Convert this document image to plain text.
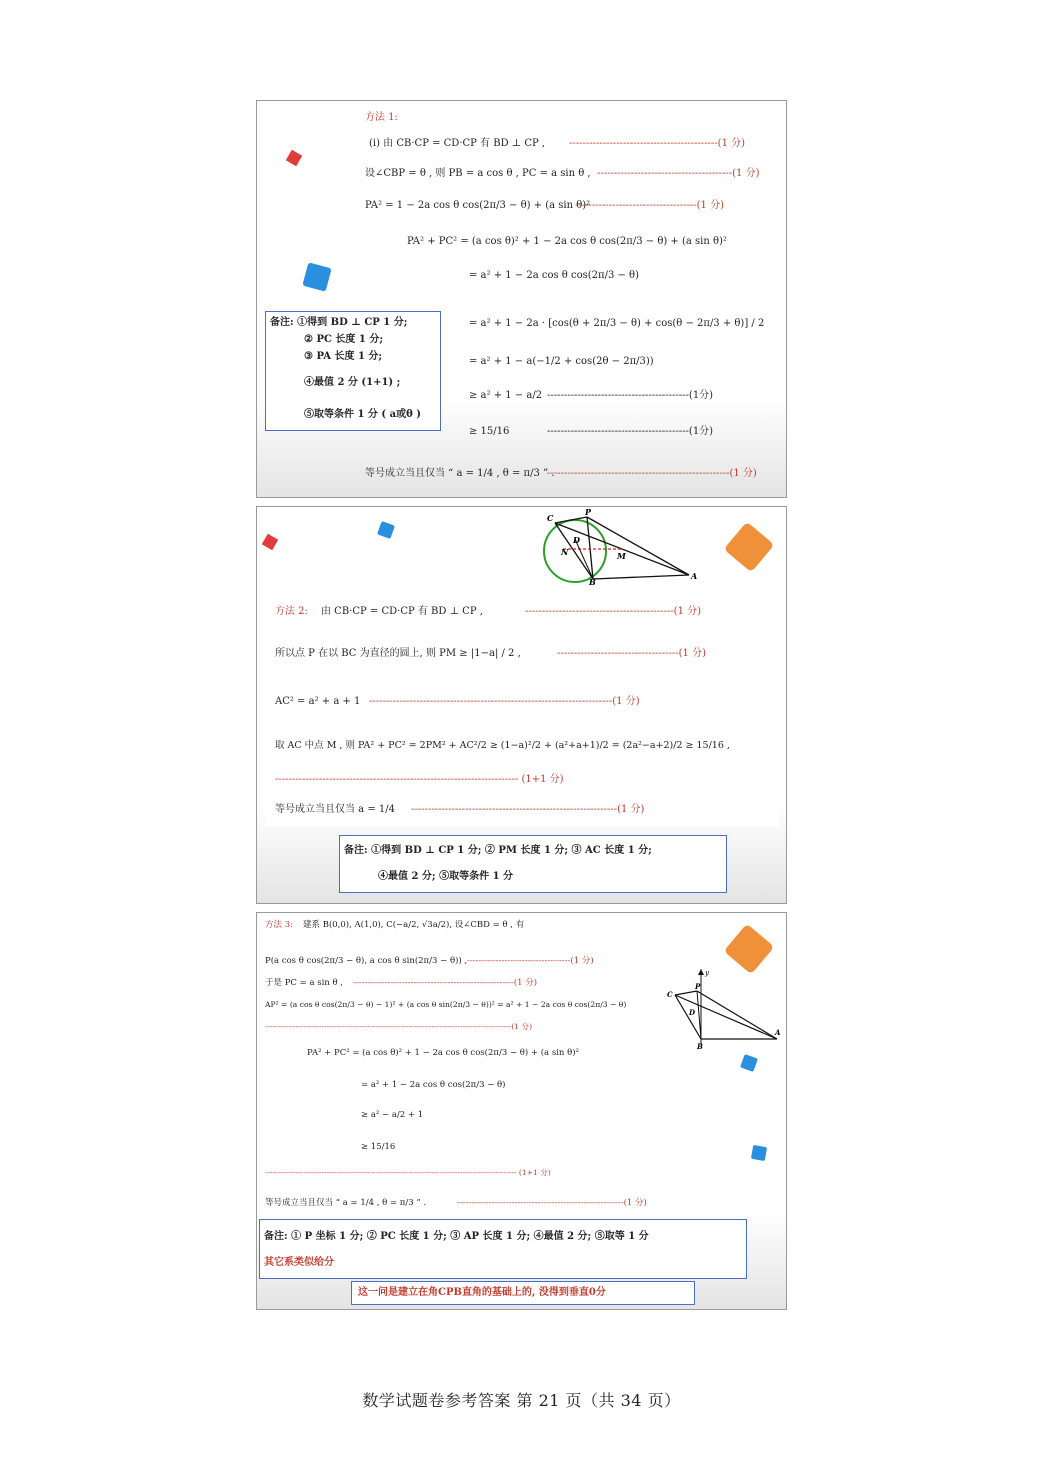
方法 1:
(i) 由 CB·CP = CD·CP 有 BD ⊥ CP , --------------------------------------------(1 分)
设∠CBP = θ , 则 PB = a cos θ , PC = a sin θ , ----------------------------------------(1 分)
PA² = 1 − 2a cos θ cos(2π/3 − θ) + (a sin θ)²
------------------------------------(1 分)
PA² + PC² = (a cos θ)² + 1 − 2a cos θ cos(2π/3 − θ) + (a sin θ)²
= a² + 1 − 2a cos θ cos(2π/3 − θ)
= a² + 1 − 2a · [cos(θ + 2π/3 − θ) + cos(θ − 2π/3 + θ)] / 2
= a² + 1 − a(−1/2 + cos(2θ − 2π/3))
≥ a² + 1 − a/2 ------------------------------------------(1分)
≥ 15/16	------------------------------------------(1分)
等号成立当且仅当 “ a = 1/4 , θ = π/3 ” .
------------------------------------------------------(1 分)
备注: ①得到 BD ⊥ CP 1 分;
② PC 长度 1 分;
③ PA 长度 1 分;
④最值 2 分 (1+1) ;
⑤取等条件 1 分 ( a或θ )
C
P
D
N	M
B
A
方法 2: 由 CB·CP = CD·CP 有 BD ⊥ CP ,	--------------------------------------------(1 分)
所以点 P 在以 BC 为直径的圆上, 则 PM ≥ |1−a| / 2 ,	------------------------------------(1 分)
AC² = a² + a + 1 ------------------------------------------------------------------------(1 分)
取 AC 中点 M , 则 PA² + PC² = 2PM² + AC²/2 ≥ (1−a)²/2 + (a²+a+1)/2 = (2a²−a+2)/2 ≥ 15/16 ,
------------------------------------------------------------------------ (1+1 分)
等号成立当且仅当 a = 1/4 -------------------------------------------------------------(1 分)
备注: ①得到 BD ⊥ CP 1 分; ② PM 长度 1 分; ③ AC 长度 1 分;
④最值 2 分; ⑤取等条件 1 分
y
P
C
D
B
A
方法 3: 建系 B(0,0), A(1,0), C(−a/2, √3a/2), 设∠CBD = θ , 有
P(a cos θ cos(2π/3 − θ), a cos θ sin(2π/3 − θ)) , ------------------------------------(1 分)
于是 PC = a sin θ , --------------------------------------------------------(1 分)
AP² = (a cos θ cos(2π/3 − θ) − 1)² + (a cos θ sin(2π/3 − θ))² = a² + 1 − 2a cos θ cos(2π/3 − θ)
------------------------------------------------------------------------------------------------(1 分)
PA² + PC² = (a cos θ)² + 1 − 2a cos θ cos(2π/3 − θ) + (a sin θ)²
= a² + 1 − 2a cos θ cos(2π/3 − θ)
≥ a² − a/2 + 1
≥ 15/16
-------------------------------------------------------------------------------------------------- (1+1 分)
等号成立当且仅当 “ a = 1/4 , θ = π/3 ” .	----------------------------------------------------------(1 分)
备注: ① P 坐标 1 分; ② PC 长度 1 分; ③ AP 长度 1 分; ④最值 2 分; ⑤取等 1 分
其它系类似给分
这一问是建立在角CPB直角的基础上的, 没得到垂直0分
数学试题卷参考答案 第 21 页（共 34 页）
